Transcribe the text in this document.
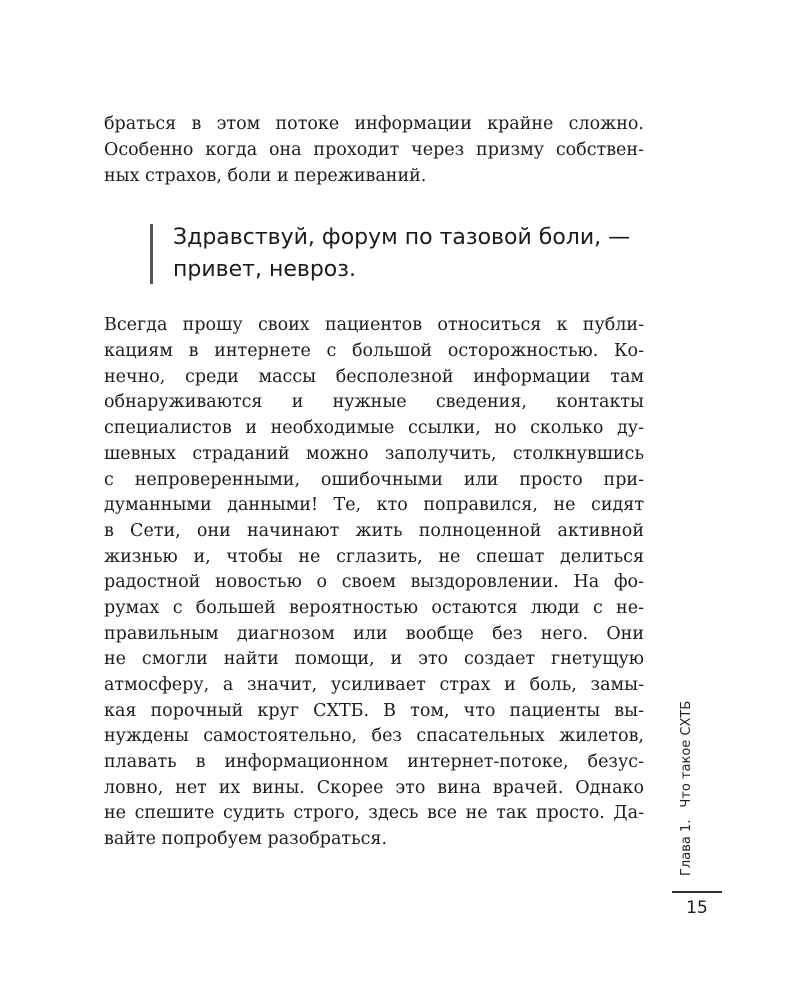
браться в этом потоке информации крайне сложно.
Особенно когда она проходит через призму собствен-
ных страхов, боли и переживаний.
Здравствуй, форум по тазовой боли, —
привет, невроз.
Всегда прошу своих пациентов относиться к публи-
кациям в интернете с большой осторожностью. Ко-
нечно, среди массы бесполезной информации там
обнаруживаются и нужные сведения, контакты
специалистов и необходимые ссылки, но сколько ду-
шевных страданий можно заполучить, столкнувшись
с непроверенными, ошибочными или просто при-
думанными данными! Те, кто поправился, не сидят
в Сети, они начинают жить полноценной активной
жизнью и, чтобы не сглазить, не спешат делиться
радостной новостью о своем выздоровлении. На фо-
румах с большей вероятностью остаются люди с не-
правильным диагнозом или вообще без него. Они
не смогли найти помощи, и это создает гнетущую
атмосферу, а значит, усиливает страх и боль, замы-
кая порочный круг СХТБ. В том, что пациенты вы-
нуждены самостоятельно, без спасательных жилетов,
плавать в информационном интернет-потоке, безус-
ловно, нет их вины. Скорее это вина врачей. Однако
не спешите судить строго, здесь все не так просто. Да-
вайте попробуем разобраться.	Глава 1.Что такое СХТБ
15
